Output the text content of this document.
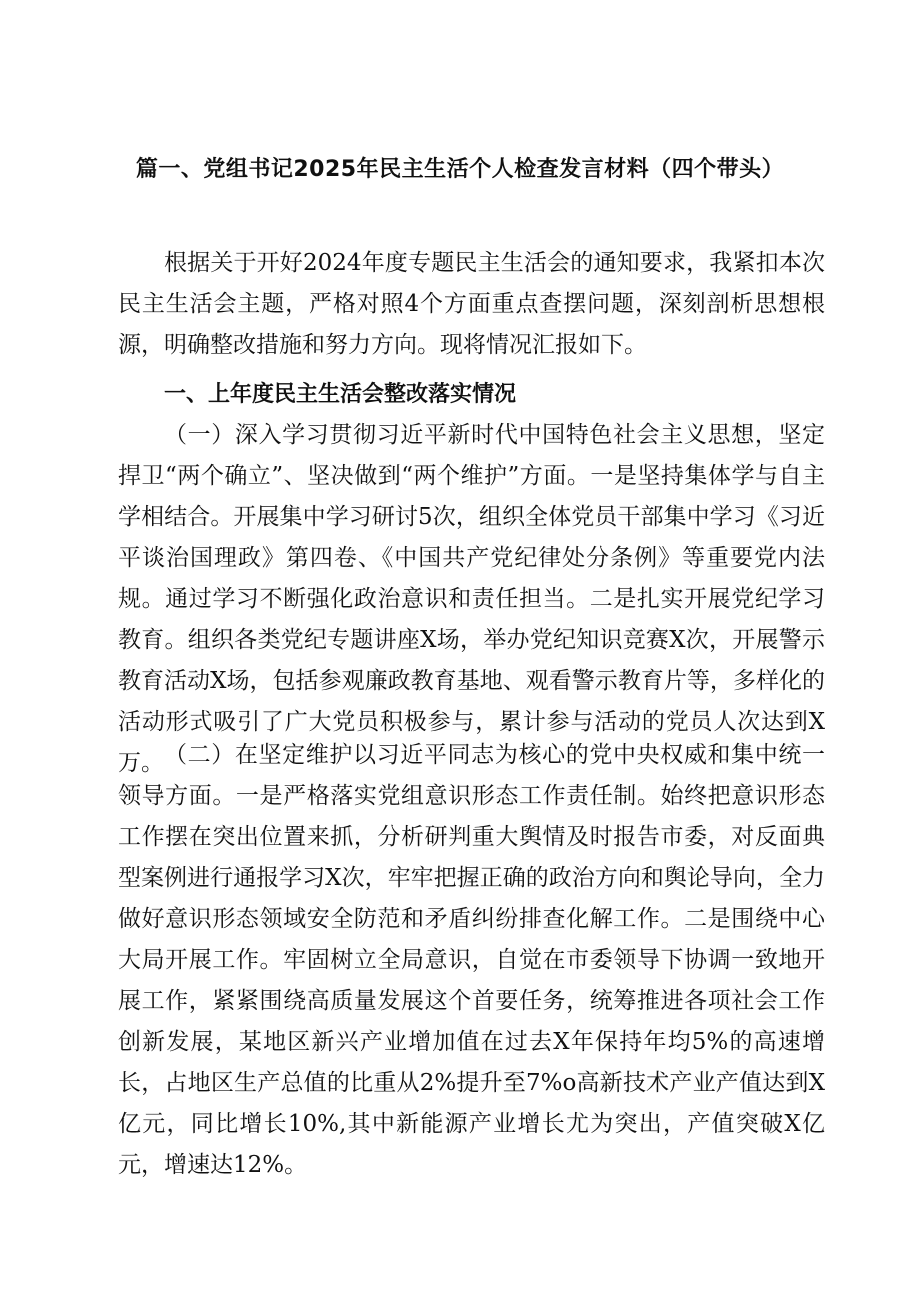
篇一、党组书记2025年民主生活个人检查发言材料（四个带头）

根据关于开好2024年度专题民主生活会的通知要求，我紧扣本次民主生活会主题，严格对照4个方面重点查摆问题，深刻剖析思想根源，明确整改措施和努力方向。现将情况汇报如下。

一、上年度民主生活会整改落实情况

（一）深入学习贯彻习近平新时代中国特色社会主义思想，坚定捍卫“两个确立”、坚决做到“两个维护”方面。一是坚持集体学与自主学相结合。开展集中学习研讨5次，组织全体党员干部集中学习《习近平谈治国理政》第四卷、《中国共产党纪律处分条例》等重要党内法规。通过学习不断强化政治意识和责任担当。二是扎实开展党纪学习教育。组织各类党纪专题讲座X场，举办党纪知识竞赛X次，开展警示教育活动X场，包括参观廉政教育基地、观看警示教育片等，多样化的活动形式吸引了广大党员积极参与，累计参与活动的党员人次达到X万。 （二）在坚定维护以习近平同志为核心的党中央权威和集中统一领导方面。一是严格落实党组意识形态工作责任制。始终把意识形态工作摆在突出位置来抓，分析研判重大舆情及时报告市委，对反面典型案例进行通报学习X次，牢牢把握正确的政治方向和舆论导向，全力做好意识形态领域安全防范和矛盾纠纷排查化解工作。二是围绕中心大局开展工作。牢固树立全局意识，自觉在市委领导下协调一致地开展工作，紧紧围绕高质量发展这个首要任务，统筹推进各项社会工作创新发展，某地区新兴产业增加值在过去X年保持年均5%的高速增长，占地区生产总值的比重从2%提升至7%o高新技术产业产值达到X亿元，同比增长10%,其中新能源产业增长尤为突出，产值突破X亿元，增速达12%。
